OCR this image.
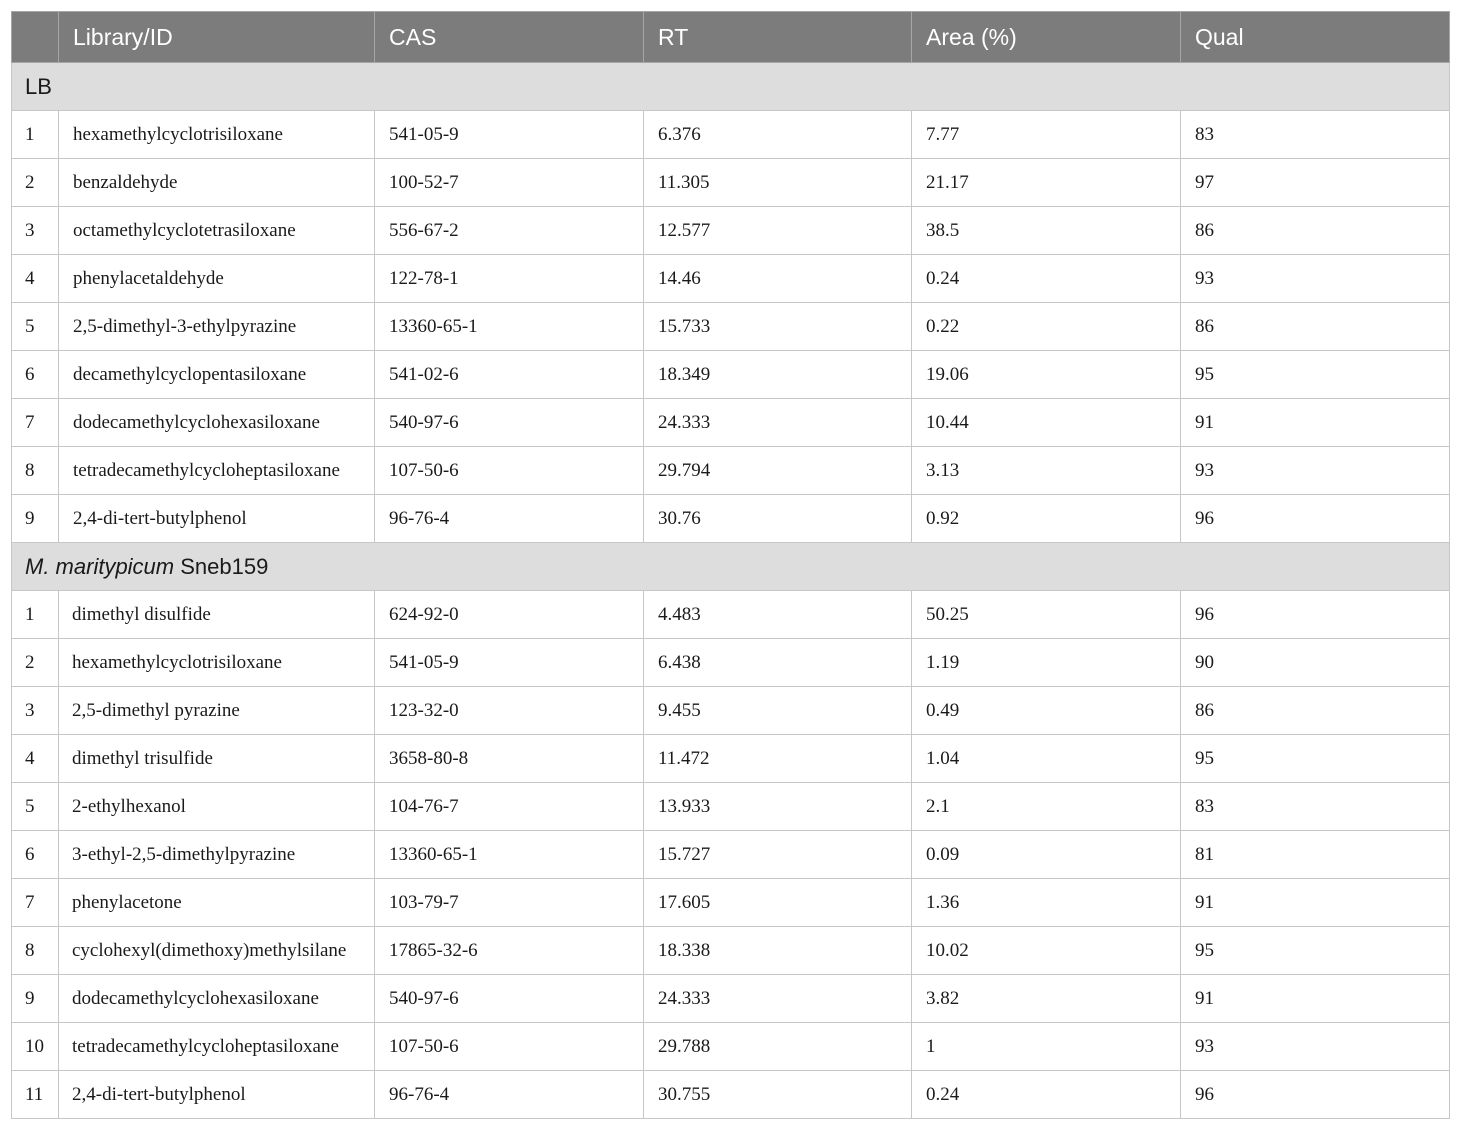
	Library/ID	CAS	RT	Area (%)	Qual
LB					
1	hexamethylcyclotrisiloxane	541-05-9	6.376	7.77	83
2	benzaldehyde	100-52-7	11.305	21.17	97
3	octamethylcyclotetrasiloxane	556-67-2	12.577	38.5	86
4	phenylacetaldehyde	122-78-1	14.46	0.24	93
5	2,5-dimethyl-3-ethylpyrazine	13360-65-1	15.733	0.22	86
6	decamethylcyclopentasiloxane	541-02-6	18.349	19.06	95
7	dodecamethylcyclohexasiloxane	540-97-6	24.333	10.44	91
8	tetradecamethylcycloheptasiloxane	107-50-6	29.794	3.13	93
9	2,4-di-tert-butylphenol	96-76-4	30.76	0.92	96
M. maritypicum Sneb159					
1	dimethyl disulfide	624-92-0	4.483	50.25	96
2	hexamethylcyclotrisiloxane	541-05-9	6.438	1.19	90
3	2,5-dimethyl pyrazine	123-32-0	9.455	0.49	86
4	dimethyl trisulfide	3658-80-8	11.472	1.04	95
5	2-ethylhexanol	104-76-7	13.933	2.1	83
6	3-ethyl-2,5-dimethylpyrazine	13360-65-1	15.727	0.09	81
7	phenylacetone	103-79-7	17.605	1.36	91
8	cyclohexyl(dimethoxy)methylsilane	17865-32-6	18.338	10.02	95
9	dodecamethylcyclohexasiloxane	540-97-6	24.333	3.82	91
10	tetradecamethylcycloheptasiloxane	107-50-6	29.788	1	93
11	2,4-di-tert-butylphenol	96-76-4	30.755	0.24	96
